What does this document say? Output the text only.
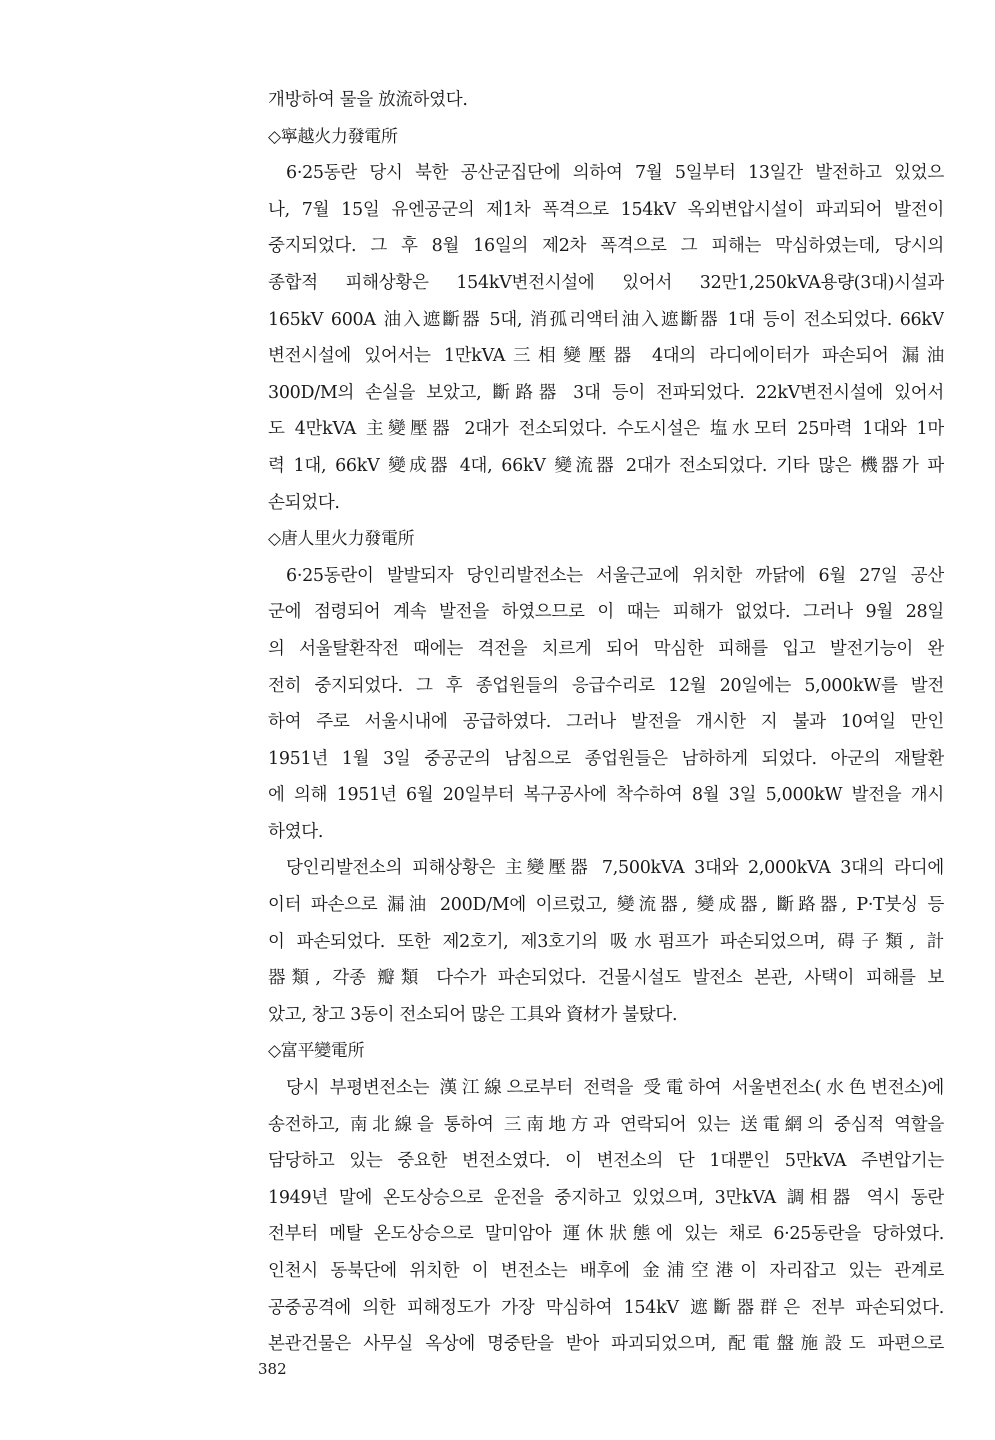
개방하여 물을 放流하였다.
◇寧越火力發電所
6·25동란 당시 북한 공산군집단에 의하여 7월 5일부터 13일간 발전하고 있었으
나, 7월 15일 유엔공군의 제1차 폭격으로 154kV 옥외변압시설이 파괴되어 발전이
중지되었다. 그 후 8월 16일의 제2차 폭격으로 그 피해는 막심하였는데, 당시의
종합적 피해상황은 154kV변전시설에 있어서 32만1,250kVA용량(3대)시설과
165kV 600A 油入遮斷器 5대, 消孤리액터油入遮斷器 1대 등이 전소되었다. 66kV
변전시설에 있어서는 1만kVA三相變壓器 4대의 라디에이터가 파손되어 漏油
300D/M의 손실을 보았고, 斷路器 3대 등이 전파되었다. 22kV변전시설에 있어서
도 4만kVA 主變壓器 2대가 전소되었다. 수도시설은 塩水모터 25마력 1대와 1마
력 1대, 66kV 變成器 4대, 66kV 變流器 2대가 전소되었다. 기타 많은 機器가 파
손되었다.
◇唐人里火力發電所
6·25동란이 발발되자 당인리발전소는 서울근교에 위치한 까닭에 6월 27일 공산
군에 점령되어 계속 발전을 하였으므로 이 때는 피해가 없었다. 그러나 9월 28일
의 서울탈환작전 때에는 격전을 치르게 되어 막심한 피해를 입고 발전기능이 완
전히 중지되었다. 그 후 종업원들의 응급수리로 12월 20일에는 5,000kW를 발전
하여 주로 서울시내에 공급하였다. 그러나 발전을 개시한 지 불과 10여일 만인
1951년 1월 3일 중공군의 남침으로 종업원들은 남하하게 되었다. 아군의 재탈환
에 의해 1951년 6월 20일부터 복구공사에 착수하여 8월 3일 5,000kW 발전을 개시
하였다.
당인리발전소의 피해상황은 主變壓器 7,500kVA 3대와 2,000kVA 3대의 라디에
이터 파손으로 漏油 200D/M에 이르렀고, 變流器, 變成器, 斷路器, P·T붓싱 등
이 파손되었다. 또한 제2호기, 제3호기의 吸水펌프가 파손되었으며, 碍子類, 計
器類, 각종 瓣類 다수가 파손되었다. 건물시설도 발전소 본관, 사택이 피해를 보
았고, 창고 3동이 전소되어 많은 工具와 資材가 불탔다.
◇富平變電所
당시 부평변전소는 漢江線으로부터 전력을 受電하여 서울변전소(水色변전소)에
송전하고, 南北線을 통하여 三南地方과 연락되어 있는 送電網의 중심적 역할을
담당하고 있는 중요한 변전소였다. 이 변전소의 단 1대뿐인 5만kVA 주변압기는
1949년 말에 온도상승으로 운전을 중지하고 있었으며, 3만kVA 調相器 역시 동란
전부터 메탈 온도상승으로 말미암아 運休狀態에 있는 채로 6·25동란을 당하였다.
인천시 동북단에 위치한 이 변전소는 배후에 金浦空港이 자리잡고 있는 관계로
공중공격에 의한 피해정도가 가장 막심하여 154kV 遮斷器群은 전부 파손되었다.
본관건물은 사무실 옥상에 명중탄을 받아 파괴되었으며, 配電盤施設도 파편으로
382
